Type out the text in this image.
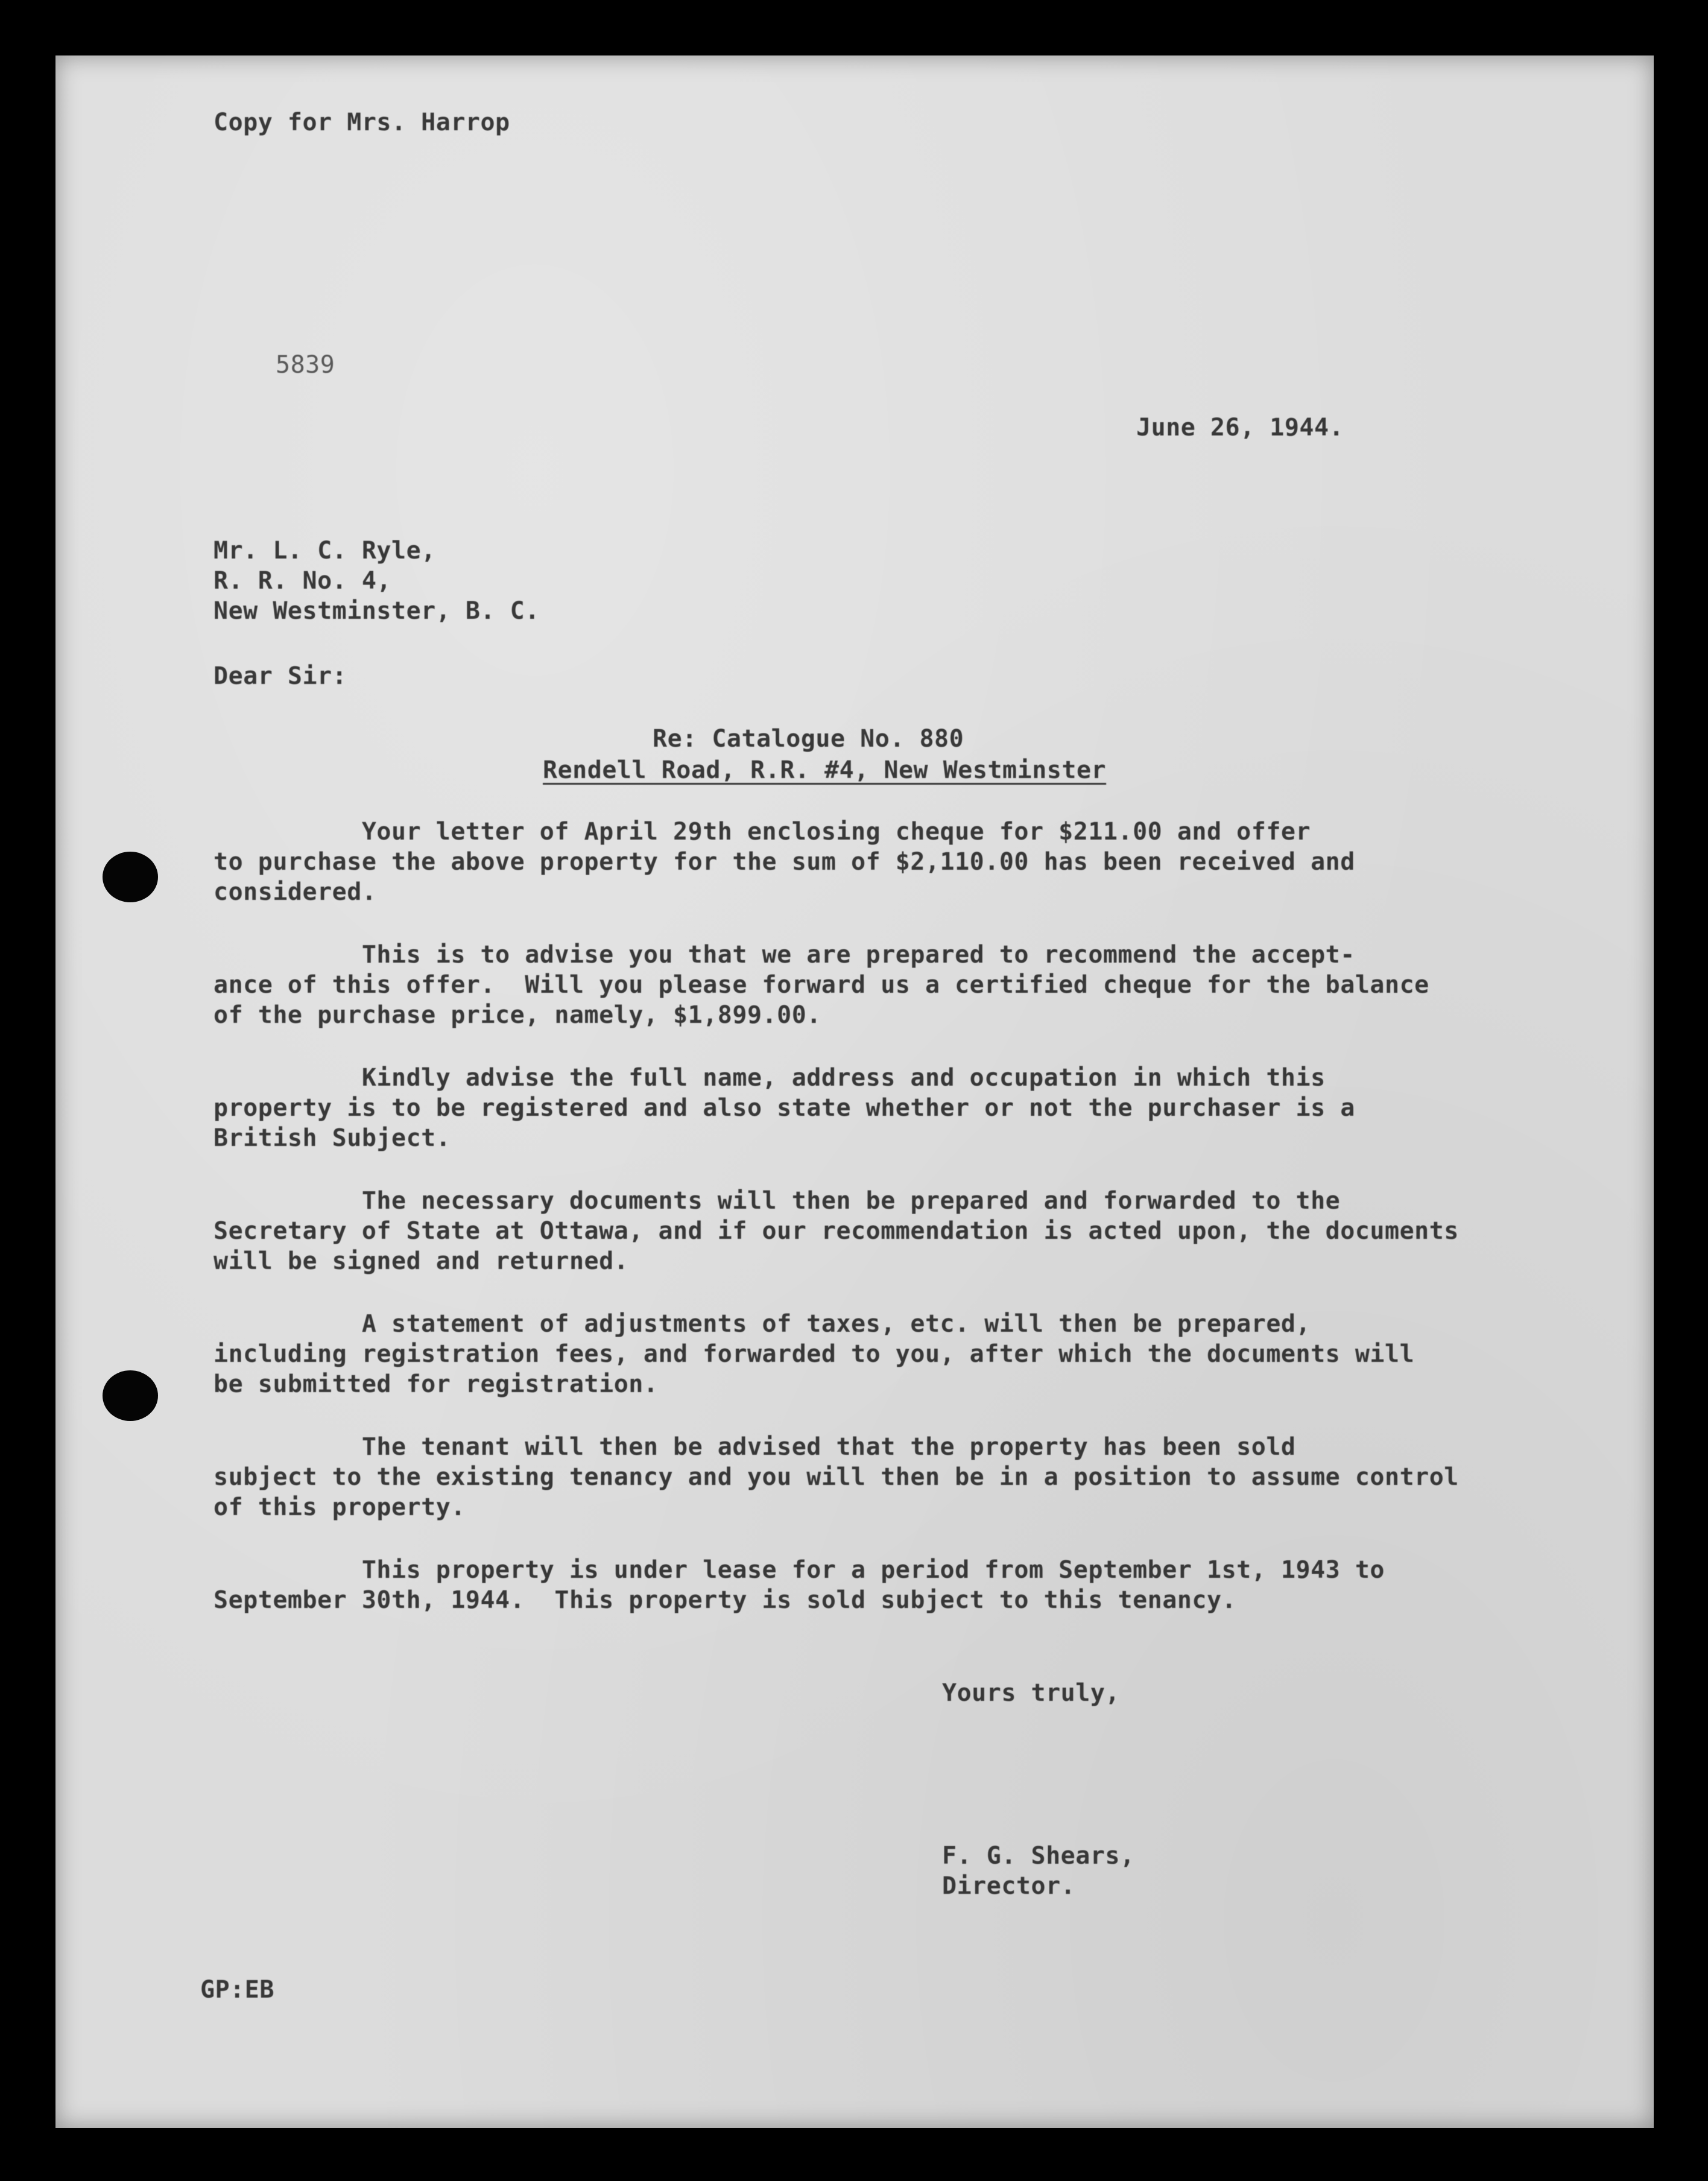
Copy for Mrs. Harrop
5839
June 26, 1944.
Mr. L. C. Ryle,
R. R. No. 4,
New Westminster, B. C.
Dear Sir:
Re: Catalogue No. 880
Rendell Road, R.R. #4, New Westminster
Your letter of April 29th enclosing cheque for $211.00 and offer
to purchase the above property for the sum of $2,110.00 has been received and
considered.
This is to advise you that we are prepared to recommend the accept-
ance of this offer.  Will you please forward us a certified cheque for the balance
of the purchase price, namely, $1,899.00.
Kindly advise the full name, address and occupation in which this
property is to be registered and also state whether or not the purchaser is a
British Subject.
The necessary documents will then be prepared and forwarded to the
Secretary of State at Ottawa, and if our recommendation is acted upon, the documents
will be signed and returned.
A statement of adjustments of taxes, etc. will then be prepared,
including registration fees, and forwarded to you, after which the documents will
be submitted for registration.
The tenant will then be advised that the property has been sold
subject to the existing tenancy and you will then be in a position to assume control
of this property.
This property is under lease for a period from September 1st, 1943 to
September 30th, 1944.  This property is sold subject to this tenancy.
Yours truly,
F. G. Shears,
Director.
GP:EB
